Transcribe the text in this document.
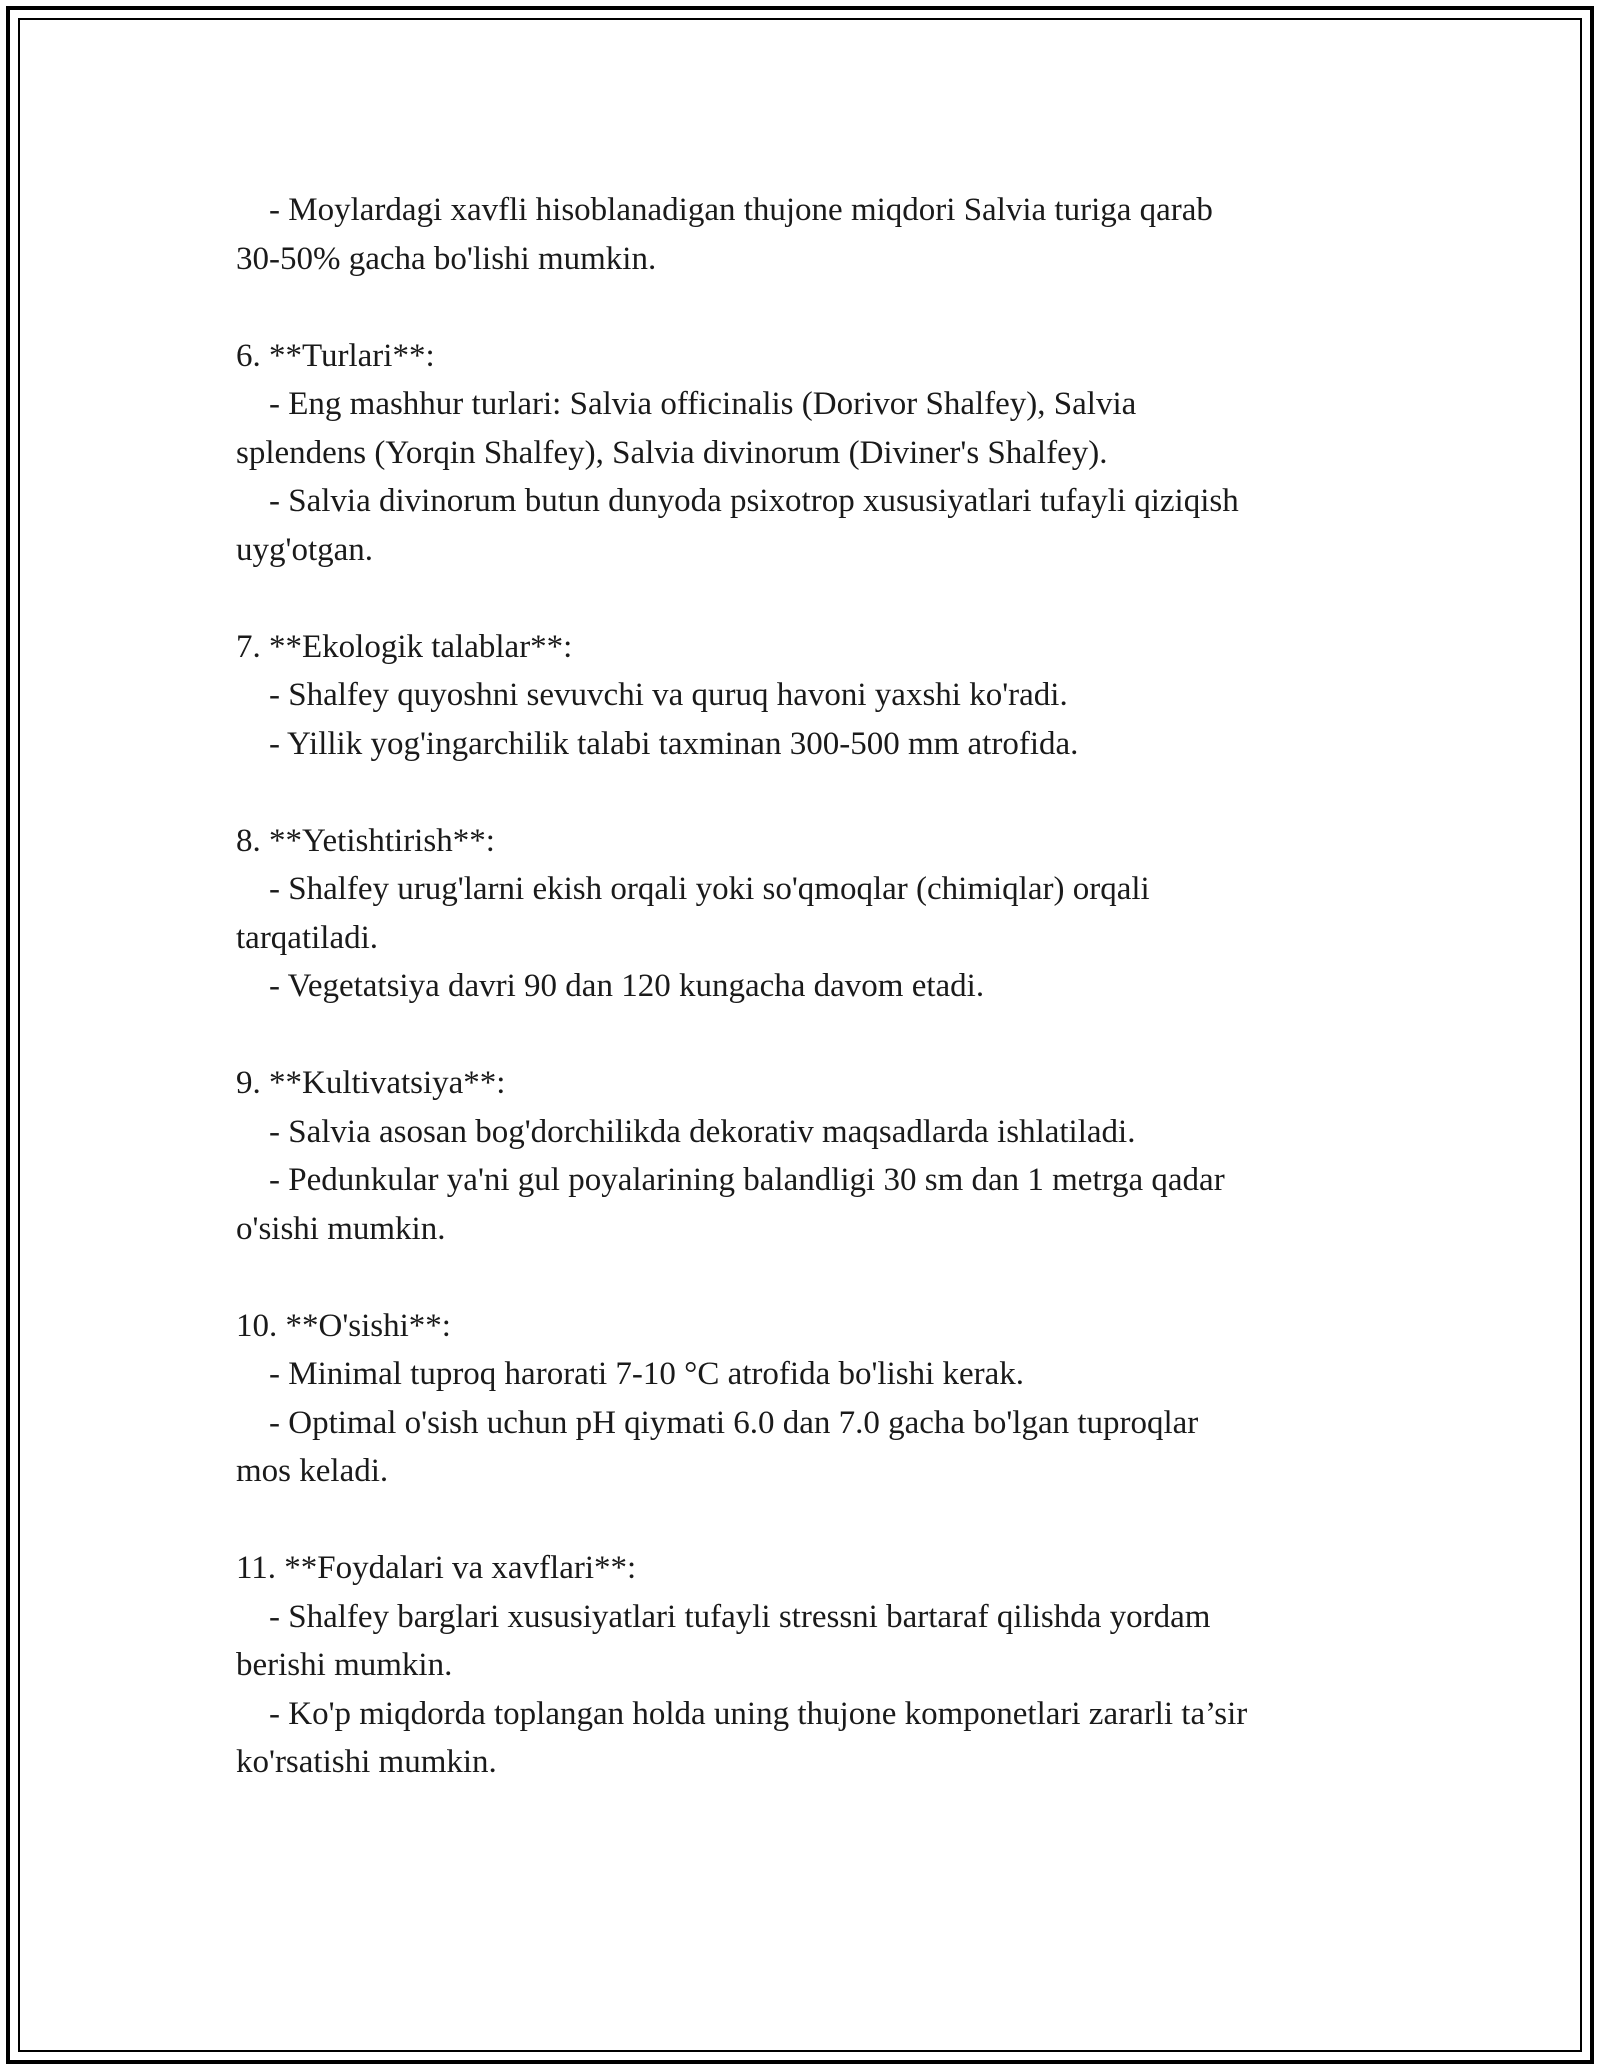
- Moylardagi xavfli hisoblanadigan thujone miqdori Salvia turiga qarab

30-50% gacha bo'lishi mumkin.

6. **Turlari**:

- Eng mashhur turlari: Salvia officinalis (Dorivor Shalfey), Salvia

splendens (Yorqin Shalfey), Salvia divinorum (Diviner's Shalfey).

- Salvia divinorum butun dunyoda psixotrop xususiyatlari tufayli qiziqish

uyg'otgan.

7. **Ekologik talablar**:

- Shalfey quyoshni sevuvchi va quruq havoni yaxshi ko'radi.

- Yillik yog'ingarchilik talabi taxminan 300-500 mm atrofida.

8. **Yetishtirish**:

- Shalfey urug'larni ekish orqali yoki so'qmoqlar (chimiqlar) orqali

tarqatiladi.

- Vegetatsiya davri 90 dan 120 kungacha davom etadi.

9. **Kultivatsiya**:

- Salvia asosan bog'dorchilikda dekorativ maqsadlarda ishlatiladi.

- Pedunkular ya'ni gul poyalarining balandligi 30 sm dan 1 metrga qadar

o'sishi mumkin.

10. **O'sishi**:

- Minimal tuproq harorati 7-10 °C atrofida bo'lishi kerak.

- Optimal o'sish uchun pH qiymati 6.0 dan 7.0 gacha bo'lgan tuproqlar

mos keladi.

11. **Foydalari va xavflari**:

- Shalfey barglari xususiyatlari tufayli stressni bartaraf qilishda yordam

berishi mumkin.

- Ko'p miqdorda toplangan holda uning thujone komponetlari zararli ta’sir

ko'rsatishi mumkin.
